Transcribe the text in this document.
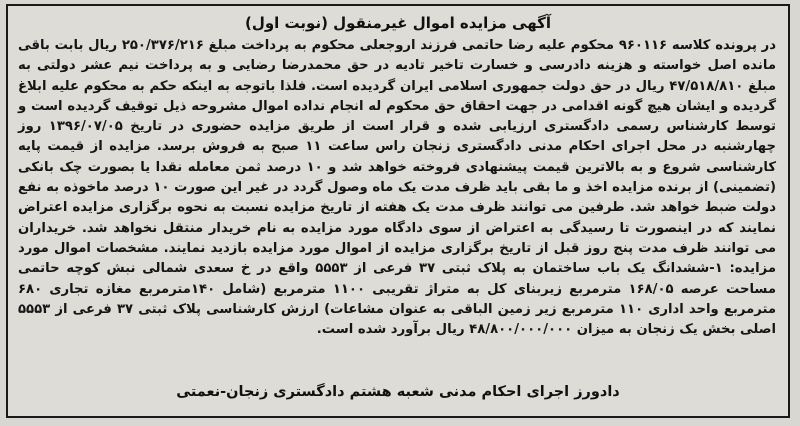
آگهی مزایده اموال غیرمنقول (نوبت اول)
در پرونده کلاسه ۹۶۰۱۱۶ محکوم علیه رضا حاتمی فرزند اروجعلی محکوم به پرداخت مبلغ ۲۵۰/۳۷۶/۲۱۶ ریال بابت باقی مانده اصل خواسته و هزینه دادرسی و خسارت تاخیر تادیه در حق محمدرضا رضایی و به پرداخت نیم عشر دولتی به مبلغ ۴۷/۵۱۸/۸۱۰ ریال در حق دولت جمهوری اسلامی ایران گردیده است. فلذا باتوجه به اینکه حکم به محکوم علیه ابلاغ گردیده و ایشان هیچ گونه اقدامی در جهت احقاق حق محکوم له انجام نداده اموال مشروحه ذیل توقیف گردیده است و توسط کارشناس رسمی دادگستری ارزیابی شده و قرار است از طریق مزایده حضوری در تاریخ ۱۳۹۶/۰۷/۰۵ روز چهارشنبه در محل اجرای احکام مدنی دادگستری زنجان راس ساعت ۱۱ صبح به فروش برسد. مزایده از قیمت پایه کارشناسی شروع و به بالاترین قیمت پیشنهادی فروخته خواهد شد و ۱۰ درصد ثمن معامله نقدا یا بصورت چک بانکی (تضمینی) از برنده مزایده اخذ و ما بقی باید ظرف مدت یک ماه وصول گردد در غیر این صورت ۱۰ درصد ماخوذه به نفع دولت ضبط خواهد شد. طرفین می توانند ظرف مدت یک هفته از تاریخ مزایده نسبت به نحوه برگزاری مزایده اعتراض نمایند که در اینصورت تا رسیدگی به اعتراض از سوی دادگاه مورد مزایده به نام خریدار منتقل نخواهد شد. خریداران می توانند ظرف مدت پنج روز قبل از تاریخ برگزاری مزایده از اموال مورد مزایده بازدید نمایند. مشخصات اموال مورد مزایده: ۱-ششدانگ یک باب ساختمان به پلاک ثبتی ۳۷ فرعی از ۵۵۵۳ واقع در خ سعدی شمالی نبش کوچه حاتمی مساحت عرصه ۱۶۸/۰۵ مترمربع زیربنای کل به متراژ تقریبی ۱۱۰۰ مترمربع (شامل ۱۴۰مترمربع مغازه تجاری ۶۸۰ مترمربع واحد اداری ۱۱۰ مترمربع زیر زمین الباقی به عنوان مشاعات) ارزش کارشناسی پلاک ثبتی ۳۷ فرعی از ۵۵۵۳ اصلی بخش یک زنجان به میزان ۴۸/۸۰۰/۰۰۰/۰۰۰ ریال برآورد شده است.
دادورز اجرای احکام مدنی شعبه هشتم دادگستری زنجان-نعمتی
